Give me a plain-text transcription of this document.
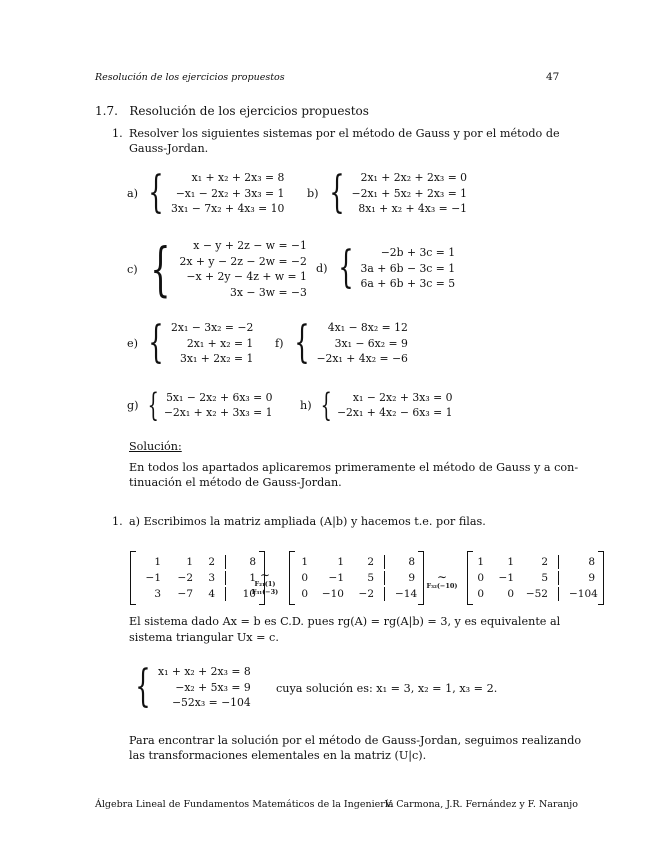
Resolución de los ejercicios propuestos	47
1.7. Resolución de los ejercicios propuestos
1. Resolver los siguientes sistemas por el método de Gauss y por el método de
Gauss-Jordan.
a) {	x₁ + x₂ + 2x₃ = 8
−x₁ − 2x₂ + 3x₃ = 1
3x₁ − 7x₂ + 4x₃ = 10
b) { 2x₁ + 2x₂ + 2x₃ = 0
−2x₁ + 5x₂ + 2x₃ = 1
8x₁ + x₂ + 4x₃ = −1
c) { x − y + 2z − w = −1
2x + y − 2z − 2w = −2
−x + 2y − 4z + w = 1
3x − 3w = −3
d) {	−2b + 3c = 1
3a + 6b − 3c = 1
6a + 6b + 3c = 5
e) { 2x₁ − 3x₂ = −2
2x₁ + x₂ = 1
3x₁ + 2x₂ = 1
f) { 4x₁ − 8x₂ = 12
3x₁ − 6x₂ = 9
−2x₁ + 4x₂ = −6
g) { 5x₁ − 2x₂ + 6x₃ = 0
−2x₁ + x₂ + 3x₃ = 1
h) { x₁ − 2x₂ + 3x₃ = 0
−2x₁ + 4x₂ − 6x₃ = 1
Solución:
En todos los apartados aplicaremos primeramente el método de Gauss y a con-
tinuación el método de Gauss-Jordan.
1. a) Escribimos la matriz ampliada (A|b) y hacemos t.e. por filas.
1	1	2	8
−1	−2	3	1
3	−7	4	10
∼
F₂₁(1)
F₃₁(−3)
1	1	2	8
0	−1	5	9
0	−10	−2 −14
∼
F₃₂(−10)
1	1	2	8
0	−1	5	9
0	0 −52 −104
El sistema dado Ax = b es C.D. pues rg(A) = rg(A|b) = 3, y es equivalente al
sistema triangular Ux = c.
{ x₁ + x₂ + 2x₃ = 8
−x₂ + 5x₃ = 9
−52x₃ = −104
cuya solución es: x₁ = 3, x₂ = 1, x₃ = 2.
Para encontrar la solución por el método de Gauss-Jordan, seguimos realizando
las transformaciones elementales en la matriz (U|c).
Álgebra Lineal de Fundamentos Matemáticos de la Ingeniería
V. Carmona, J.R. Fernández y F. Naranjo
